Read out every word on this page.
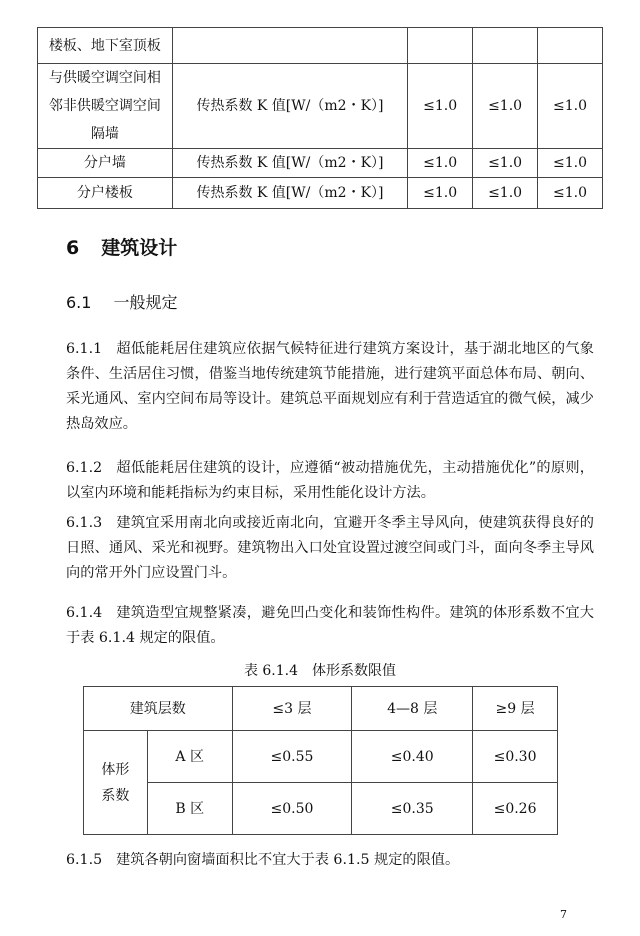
楼板、地下室顶板				

与供暖空调空间相
邻非供暖空调空间
隔墙	传热系数 K 值[W/（m2・K）]	≤1.0	≤1.0	≤1.0
分户墙	传热系数 K 值[W/（m2・K）]	≤1.0	≤1.0	≤1.0
分户楼板	传热系数 K 值[W/（m2・K）]	≤1.0	≤1.0	≤1.0
6 建筑设计
6.1 一般规定
6.1.1 超低能耗居住建筑应依据气候特征进行建筑方案设计，基于湖北地区的气象条件、生活居住习惯，借鉴当地传统建筑节能措施，进行建筑平面总体布局、朝向、采光通风、室内空间布局等设计。建筑总平面规划应有利于营造适宜的微气候，减少热岛效应。
6.1.2 超低能耗居住建筑的设计，应遵循“被动措施优先，主动措施优化”的原则，以室内环境和能耗指标为约束目标，采用性能化设计方法。
6.1.3 建筑宜采用南北向或接近南北向，宜避开冬季主导风向，使建筑获得良好的日照、通风、采光和视野。建筑物出入口处宜设置过渡空间或门斗，面向冬季主导风向的常开外门应设置门斗。
6.1.4 建筑造型宜规整紧凑，避免凹凸变化和装饰性构件。建筑的体形系数不宜大于表 6.1.4 规定的限值。
表 6.1.4　体形系数限值
建筑层数		≤3 层	4—8 层	≥9 层

体形
系数	A 区	≤0.55	≤0.40	≤0.30
	B 区	≤0.50	≤0.35	≤0.26
6.1.5 建筑各朝向窗墙面积比不宜大于表 6.1.5 规定的限值。
7
